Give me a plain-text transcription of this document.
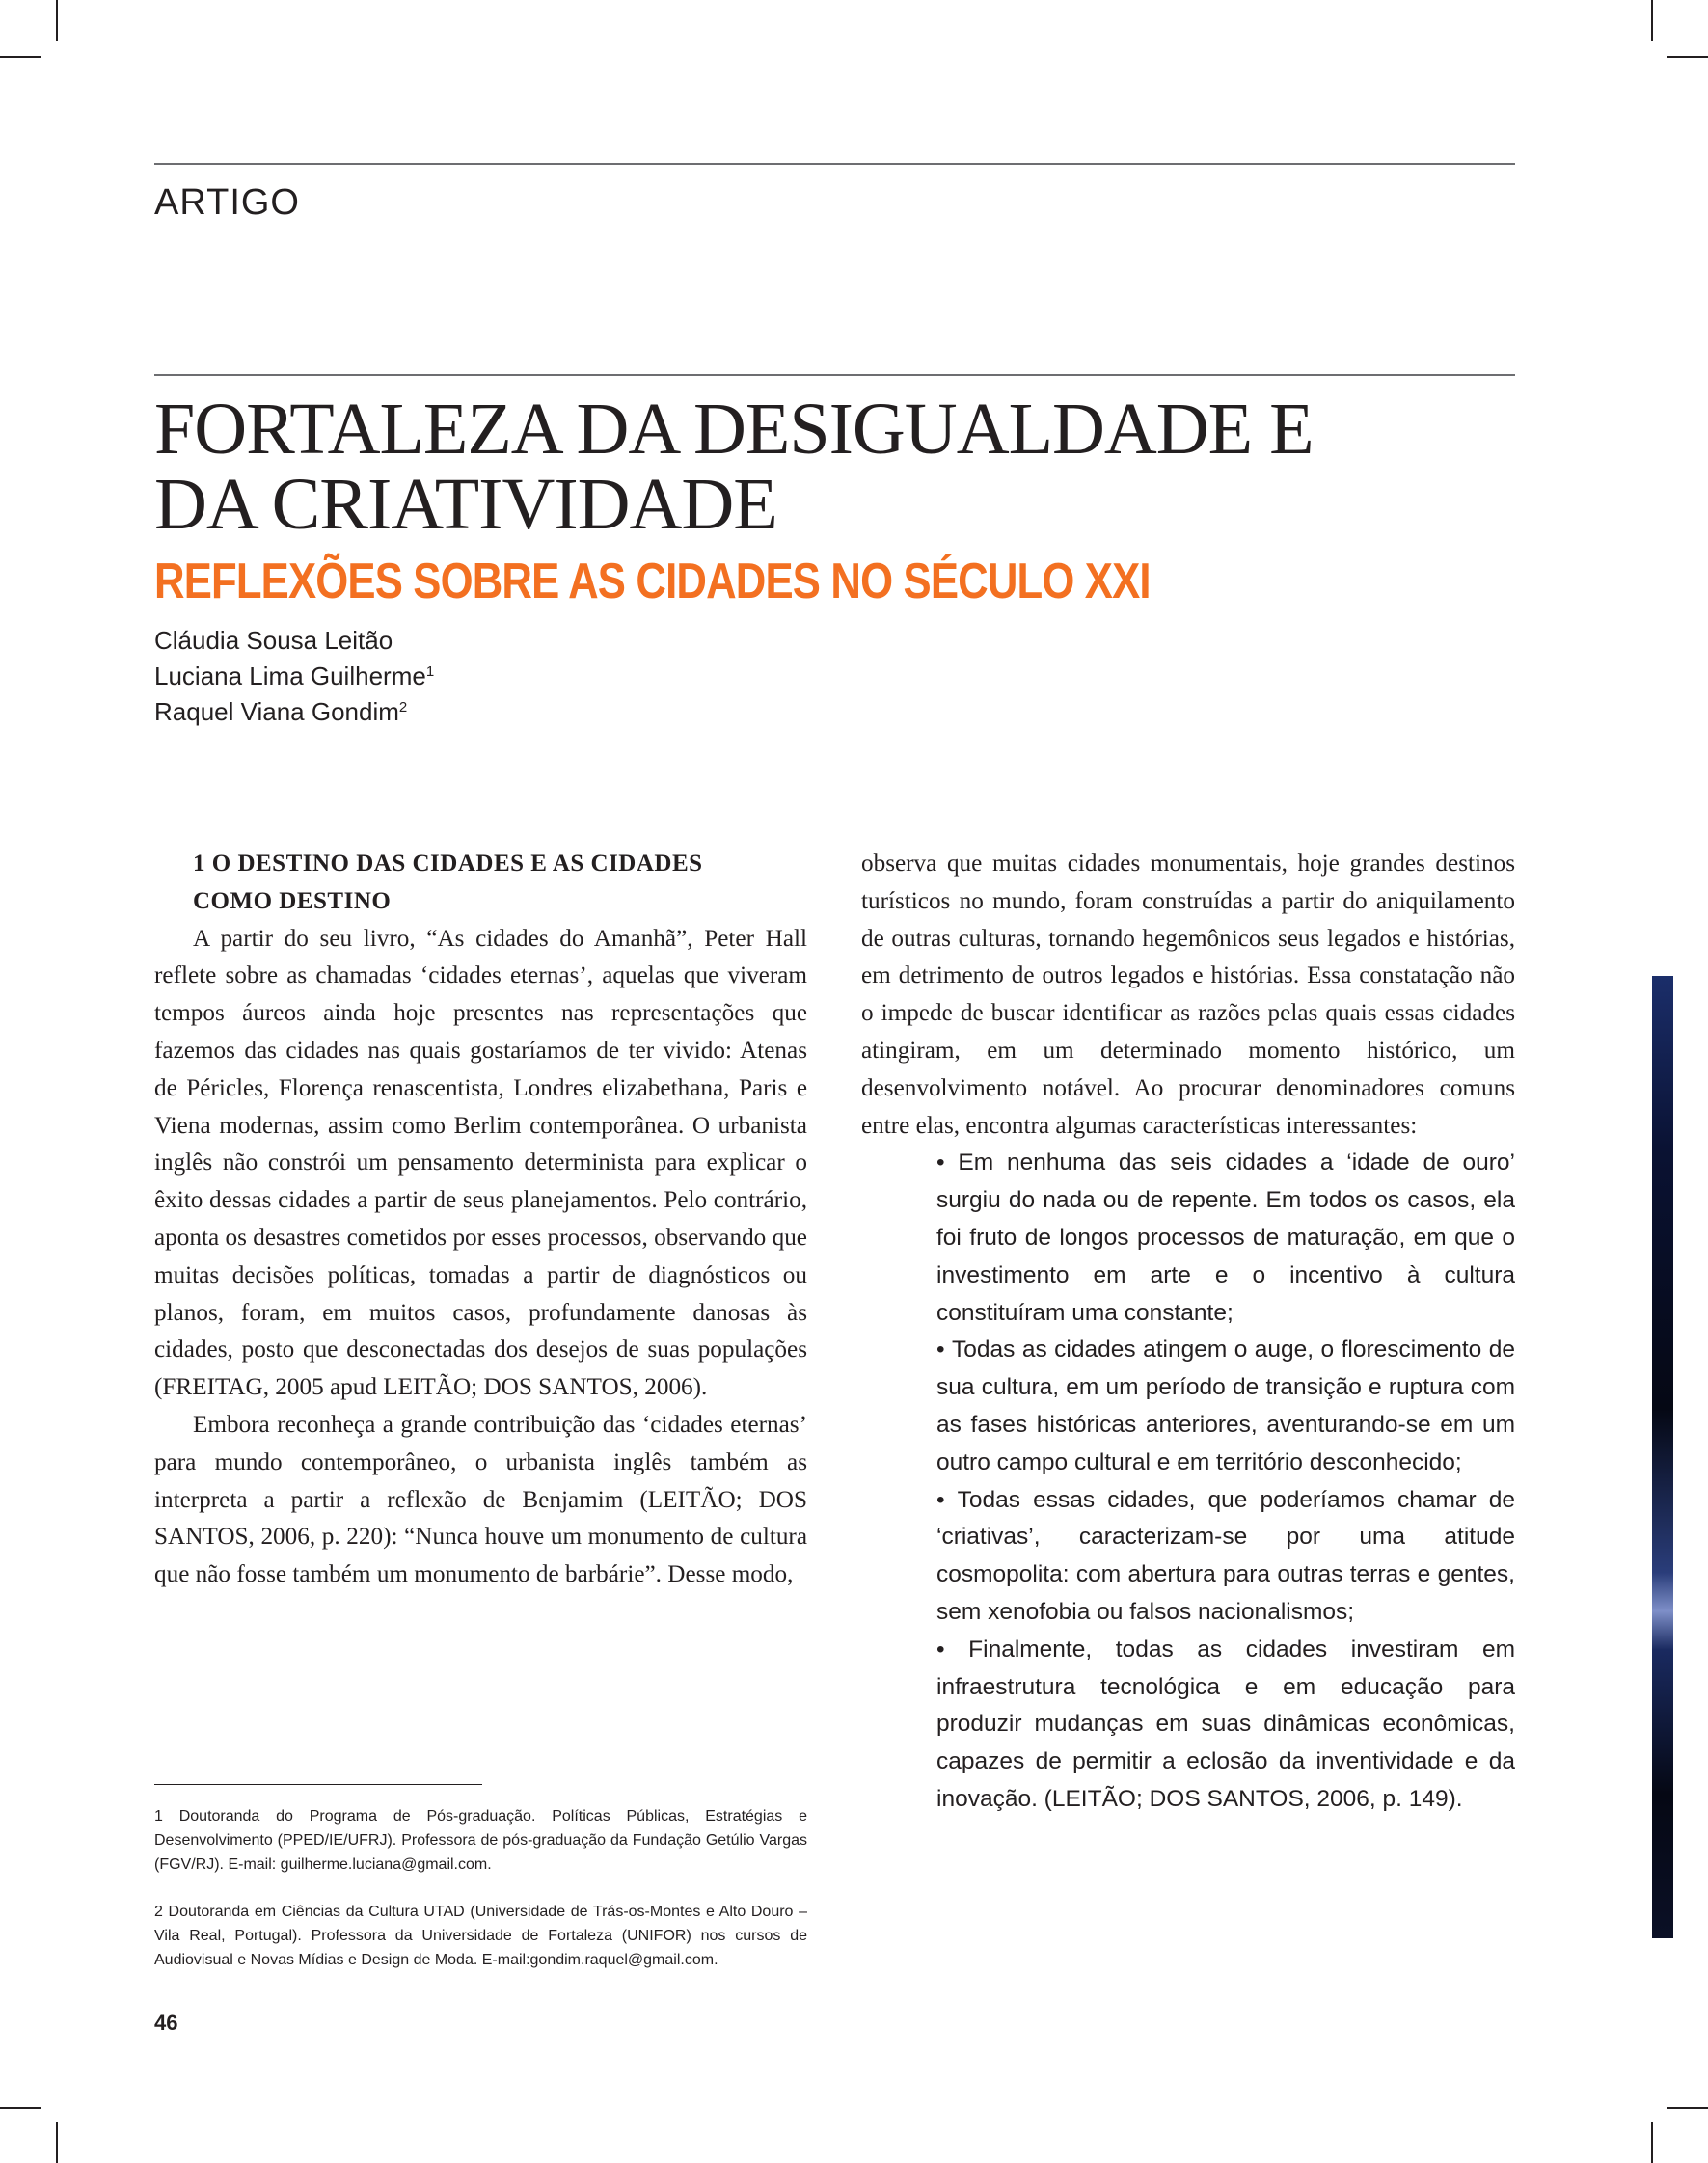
ARTIGO
FORTALEZA DA DESIGUALDADE E
DA CRIATIVIDADE
REFLEXÕES SOBRE AS CIDADES NO SÉCULO XXI
Cláudia Sousa Leitão
Luciana Lima Guilherme$^1$
Raquel Viana Gondim$^2$
1 O DESTINO DAS CIDADES E AS CIDADES
COMO DESTINO

A partir do seu livro, “As cidades do Amanhã”, Peter Hall reflete sobre as chamadas ‘cidades eternas’, aquelas que viveram tempos áureos ainda hoje presentes nas representações que fazemos das cidades nas quais gostaríamos de ter vivido: Atenas de Péricles, Florença renascentista, Londres elizabethana, Paris e Viena modernas, assim como Berlim contemporânea. O urbanista inglês não constrói um pensamento determinista para explicar o êxito dessas cidades a partir de seus planejamentos. Pelo contrário, aponta os desastres cometidos por esses processos, observando que muitas decisões políticas, tomadas a partir de diagnósticos ou planos, foram, em muitos casos, profundamente danosas às cidades, posto que desconectadas dos desejos de suas populações (FREITAG, 2005 apud LEITÃO; DOS SANTOS, 2006).

Embora reconheça a grande contribuição das ‘cidades eternas’ para mundo contemporâneo, o urbanista inglês também as interpreta a partir a reflexão de Benjamim (LEITÃO; DOS SANTOS, 2006, p. 220): “Nunca houve um monumento de cultura que não fosse também um monumento de barbárie”. Desse modo,

observa que muitas cidades monumentais, hoje grandes destinos turísticos no mundo, foram construídas a partir do aniquilamento de outras culturas, tornando hegemônicos seus legados e histórias, em detrimento de outros legados e histórias. Essa constatação não o impede de buscar identificar as razões pelas quais essas cidades atingiram, em um determinado momento histórico, um desenvolvimento notável. Ao procurar denominadores comuns entre elas, encontra algumas características interessantes:

• Em nenhuma das seis cidades a ‘idade de ouro’ surgiu do nada ou de repente. Em todos os casos, ela foi fruto de longos processos de maturação, em que o investimento em arte e o incentivo à cultura constituíram uma constante;
• Todas as cidades atingem o auge, o florescimento de sua cultura, em um período de transição e ruptura com as fases históricas anteriores, aventurando-se em um outro campo cultural e em território desconhecido;
• Todas essas cidades, que poderíamos chamar de ‘criativas’, caracterizam-se por uma atitude cosmopolita: com abertura para outras terras e gentes, sem xenofobia ou falsos nacionalismos;
• Finalmente, todas as cidades investiram em infraestrutura tecnológica e em educação para produzir mudanças em suas dinâmicas econômicas, capazes de permitir a eclosão da inventividade e da inovação. (LEITÃO; DOS SANTOS, 2006, p. 149).

1 Doutoranda do Programa de Pós-graduação. Políticas Públicas, Estratégias e Desenvolvimento (PPED/IE/UFRJ). Professora de pós-graduação da Fundação Getúlio Vargas (FGV/RJ). E-mail: guilherme.luciana@gmail.com.

2 Doutoranda em Ciências da Cultura UTAD (Universidade de Trás-os-Montes e Alto Douro – Vila Real, Portugal). Professora da Universidade de Fortaleza (UNIFOR) nos cursos de Audiovisual e Novas Mídias e Design de Moda. E-mail:gondim.raquel@gmail.com.

46
